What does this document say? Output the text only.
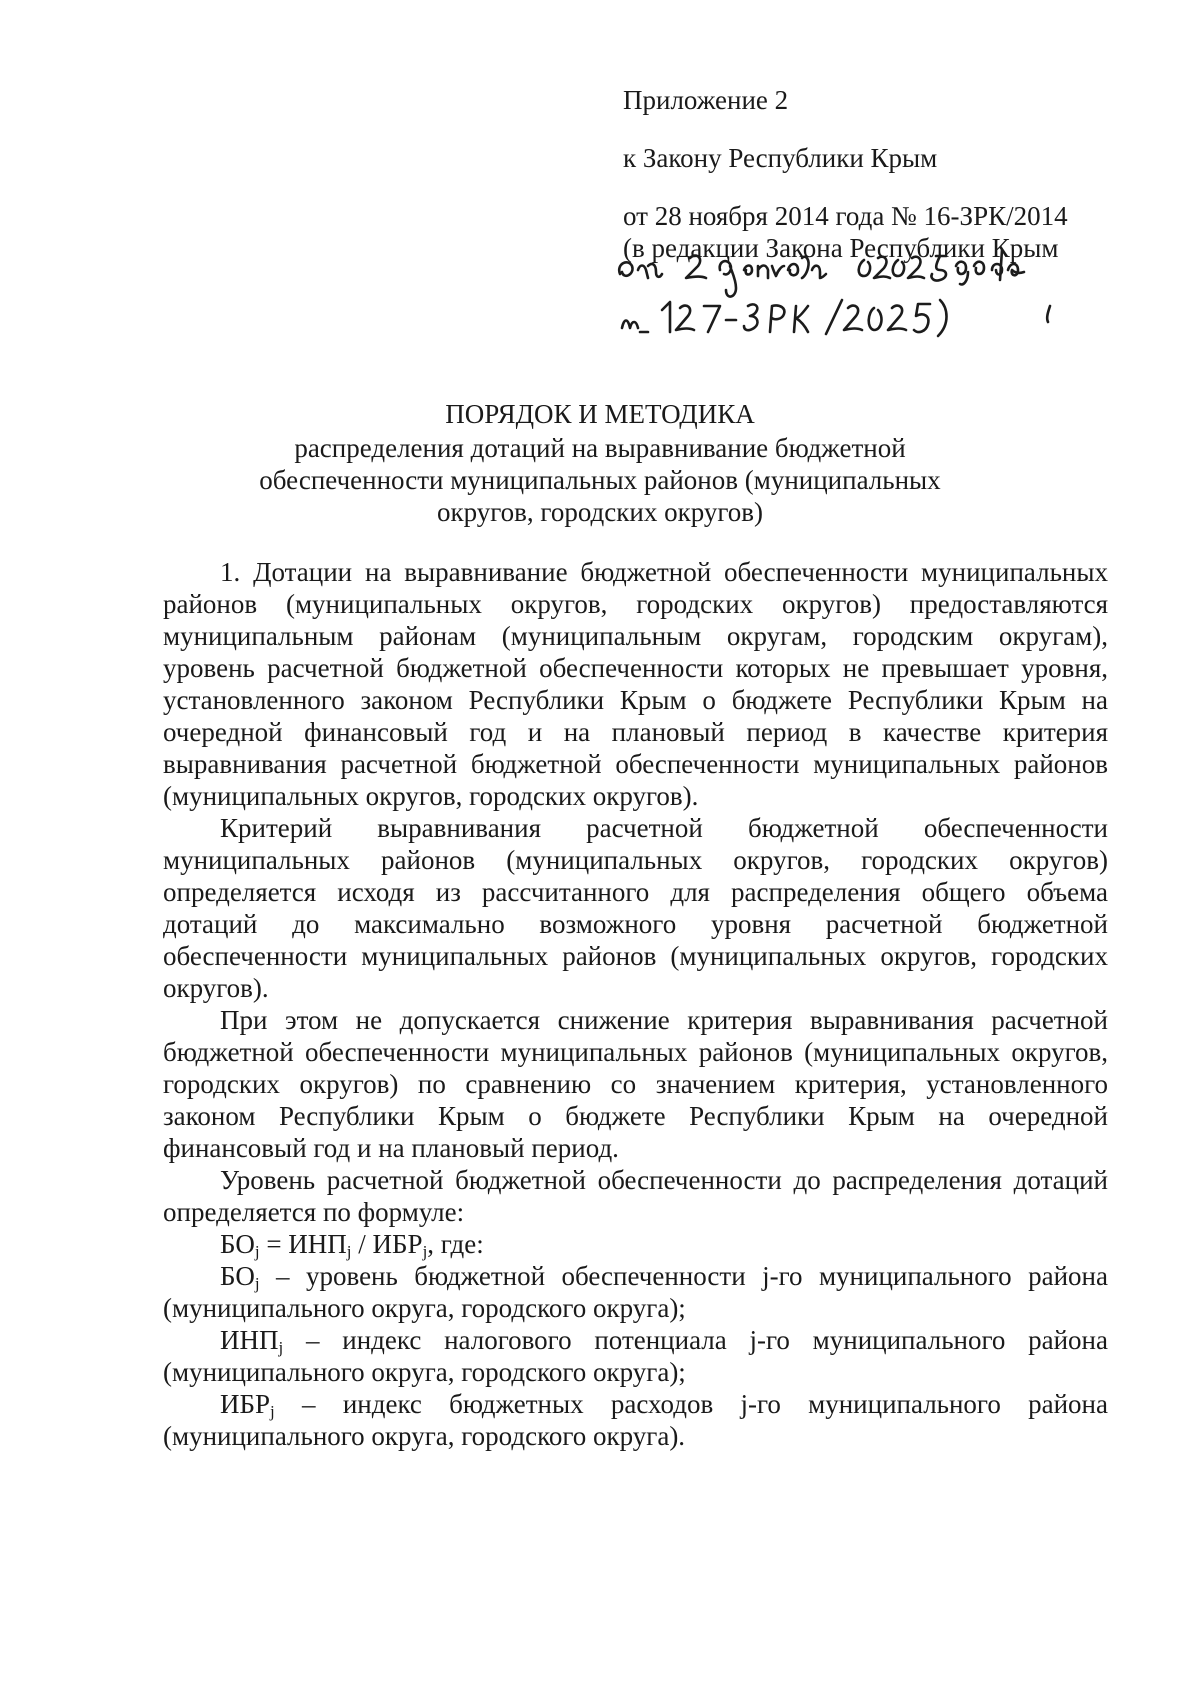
Приложение 2
к Закону Республики Крым
от 28 ноября 2014 года № 16-ЗРК/2014
(в редакции Закона Республики Крым
ПОРЯДОК И МЕТОДИКА
распределения дотаций на выравнивание бюджетной
обеспеченности муниципальных районов (муниципальных
округов, городских округов)

1. Дотации на выравнивание бюджетной обеспеченности муниципальных районов (муниципальных округов, городских округов) предоставляются муниципальным районам (муниципальным округам, городским округам), уровень расчетной бюджетной обеспеченности которых не превышает уровня, установленного законом Республики Крым о бюджете Республики Крым на очередной финансовый год и на плановый период в качестве критерия выравнивания расчетной бюджетной обеспеченности муниципальных районов (муниципальных округов, городских округов).

Критерий выравнивания расчетной бюджетной обеспеченности муниципальных районов (муниципальных округов, городских округов) определяется исходя из рассчитанного для распределения общего объема дотаций до максимально возможного уровня расчетной бюджетной обеспеченности муниципальных районов (муниципальных округов, городских округов).

При этом не допускается снижение критерия выравнивания расчетной бюджетной обеспеченности муниципальных районов (муниципальных округов, городских округов) по сравнению со значением критерия, установленного законом Республики Крым о бюджете Республики Крым на очередной финансовый год и на плановый период.

Уровень расчетной бюджетной обеспеченности до распределения дотаций определяется по формуле:

$БО_j = ИНП_j / ИБР_j$, где:

$БО_j$ – уровень бюджетной обеспеченности j-го муниципального района (муниципального округа, городского округа);

$ИНП_j$ – индекс налогового потенциала j-го муниципального района (муниципального округа, городского округа);

$ИБР_j$ – индекс бюджетных расходов j-го муниципального района (муниципального округа, городского округа).
